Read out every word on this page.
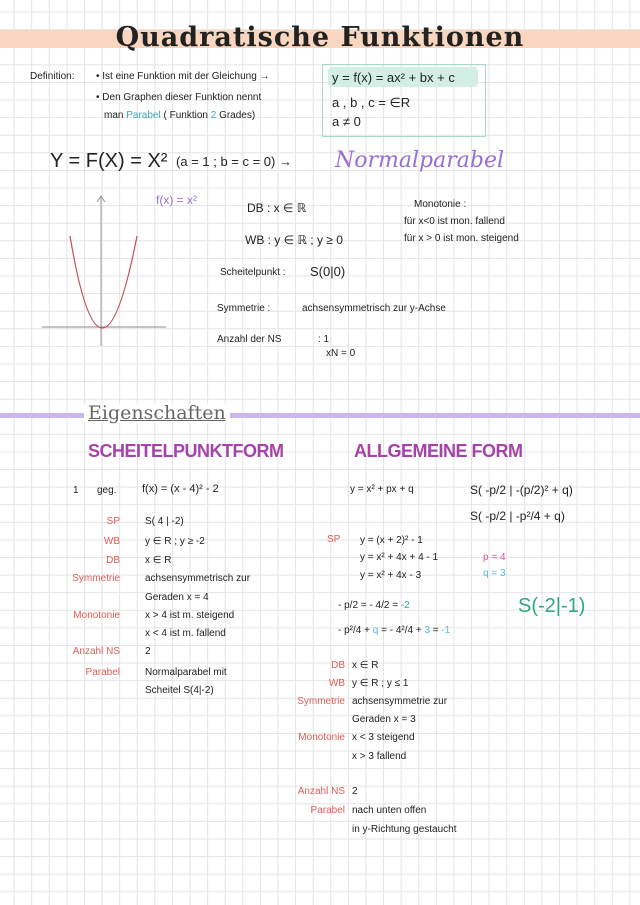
Quadratische Funktionen
Definition: • Ist eine Funktion mit der Gleichung →
• Den Graphen dieser Funktion nennt
man Parabel ( Funktion 2 Grades)
y = f(x) = ax² + bx + c
a , b , c = ∈R
a ≠ 0
Y = F(X) = X² (a = 1 ; b = c = 0) → Normalparabel
f(x) = x²
DB : x ∈ ℝ
WB : y ∈ ℝ ; y ≥ 0
Monotonie :
für x<0 ist mon. fallend
für x > 0 ist mon. steigend
Scheitelpunkt : S(0|0)
Symmetrie :	achsensymmetrisch zur y-Achse
Anzahl der NS	: 1
xN = 0
Eigenschaften
SCHEITELPUNKTFORM	ALLGEMEINE FORM
1 geg. f(x) = (x - 4)² - 2
SP	S( 4 | -2)
WB	y ∈ R ; y ≥ -2
DB	x ∈ R
Symmetrie	achsensymmetrisch zur
Geraden x = 4
Monotonie	x > 4 ist m. steigend
x < 4 ist m. fallend
Anzahl NS	2
Parabel	Normalparabel mit
Scheitel S(4|-2)
y = x² + px + q	S( -p/2 | -(p/2)² + q)
S( -p/2 | -p²/4 + q)
SP y = (x + 2)² - 1
y = x² + 4x + 4 - 1
y = x² + 4x - 3
p = 4
q = 3
- p/2 = - 4/2 = -2
- p²/4 + q = - 4²/4 + 3 = -1
S(-2|-1)
DB x ∈ R
WB y ∈ R ; y ≤ 1
Symmetrie achsensymmetrie zur
Geraden x = 3
Monotonie x < 3 steigend
x > 3 fallend
Anzahl NS 2
Parabel nach unten offen
in y-Richtung gestaucht
